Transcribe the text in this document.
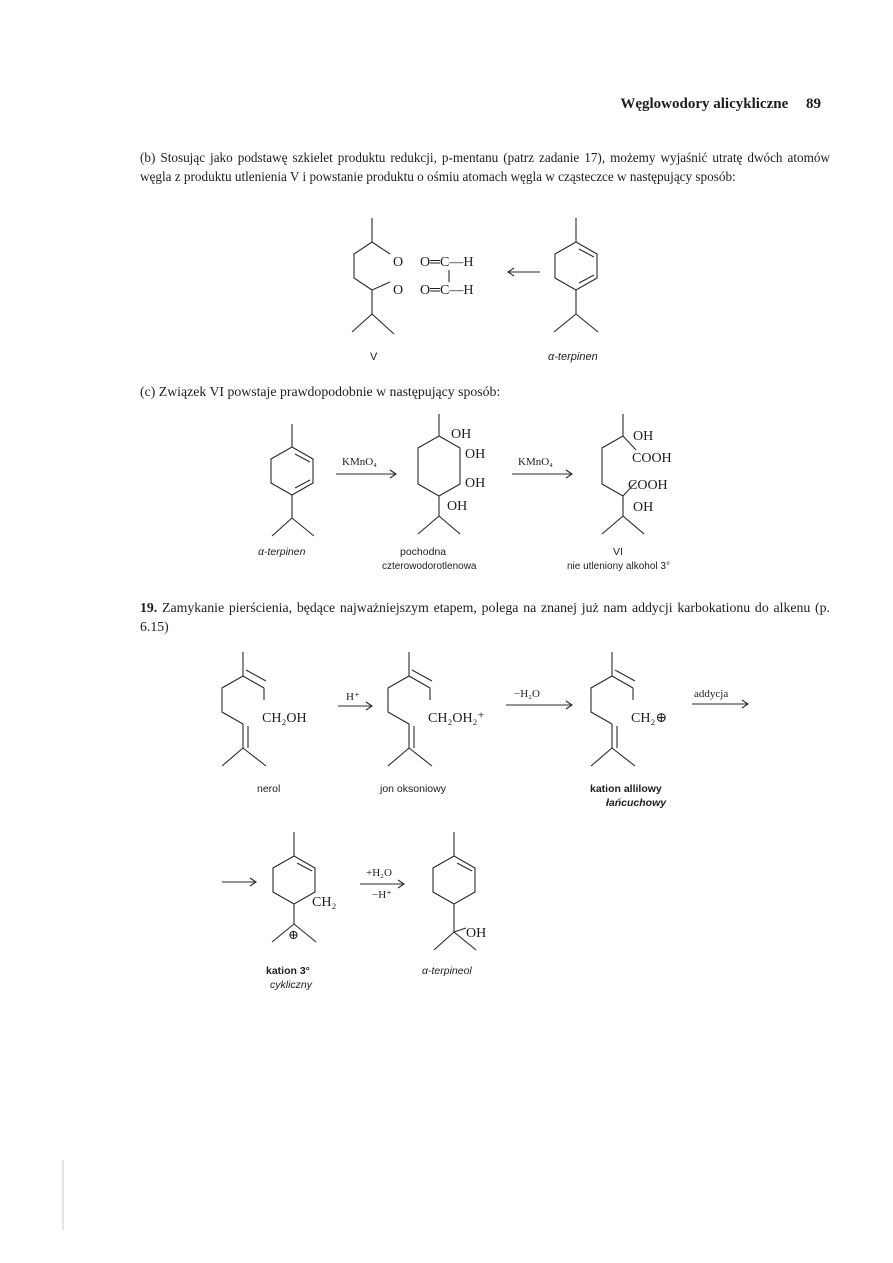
Węglowodory alicykliczne 89
(b) Stosując jako podstawę szkielet produktu redukcji, p-mentanu (patrz zadanie 17), możemy wyjaśnić utratę dwóch atomów węgla z produktu utlenienia V i powstanie produktu o ośmiu atomach węgla w cząsteczce w następujący sposób:
(c) Związek VI powstaje prawdopodobnie w następujący sposób:
19. Zamykanie pierścienia, będące najważniejszym etapem, polega na znanej już nam addycji karbokationu do alkenu (p. 6.15)
O
O
O═C—H
O═C—H
V	α-terpinen
KMnO₄
OH
OH
OH
OH
KMnO₄
OH
COOH
COOH
OH
α-terpinen	pochodna
czterowodorotlenowa
VI
nie utleniony alkohol 3°
CH₂OH
H⁺
CH₂OH₂⁺
−H₂O
CH₂⊕
addycja
nerol	jon oksoniowy	kation allilowy
łańcuchowy
CH₂
⊕
+H₂O
−H⁺
OH
kation 3°
cykliczny
α-terpineol
